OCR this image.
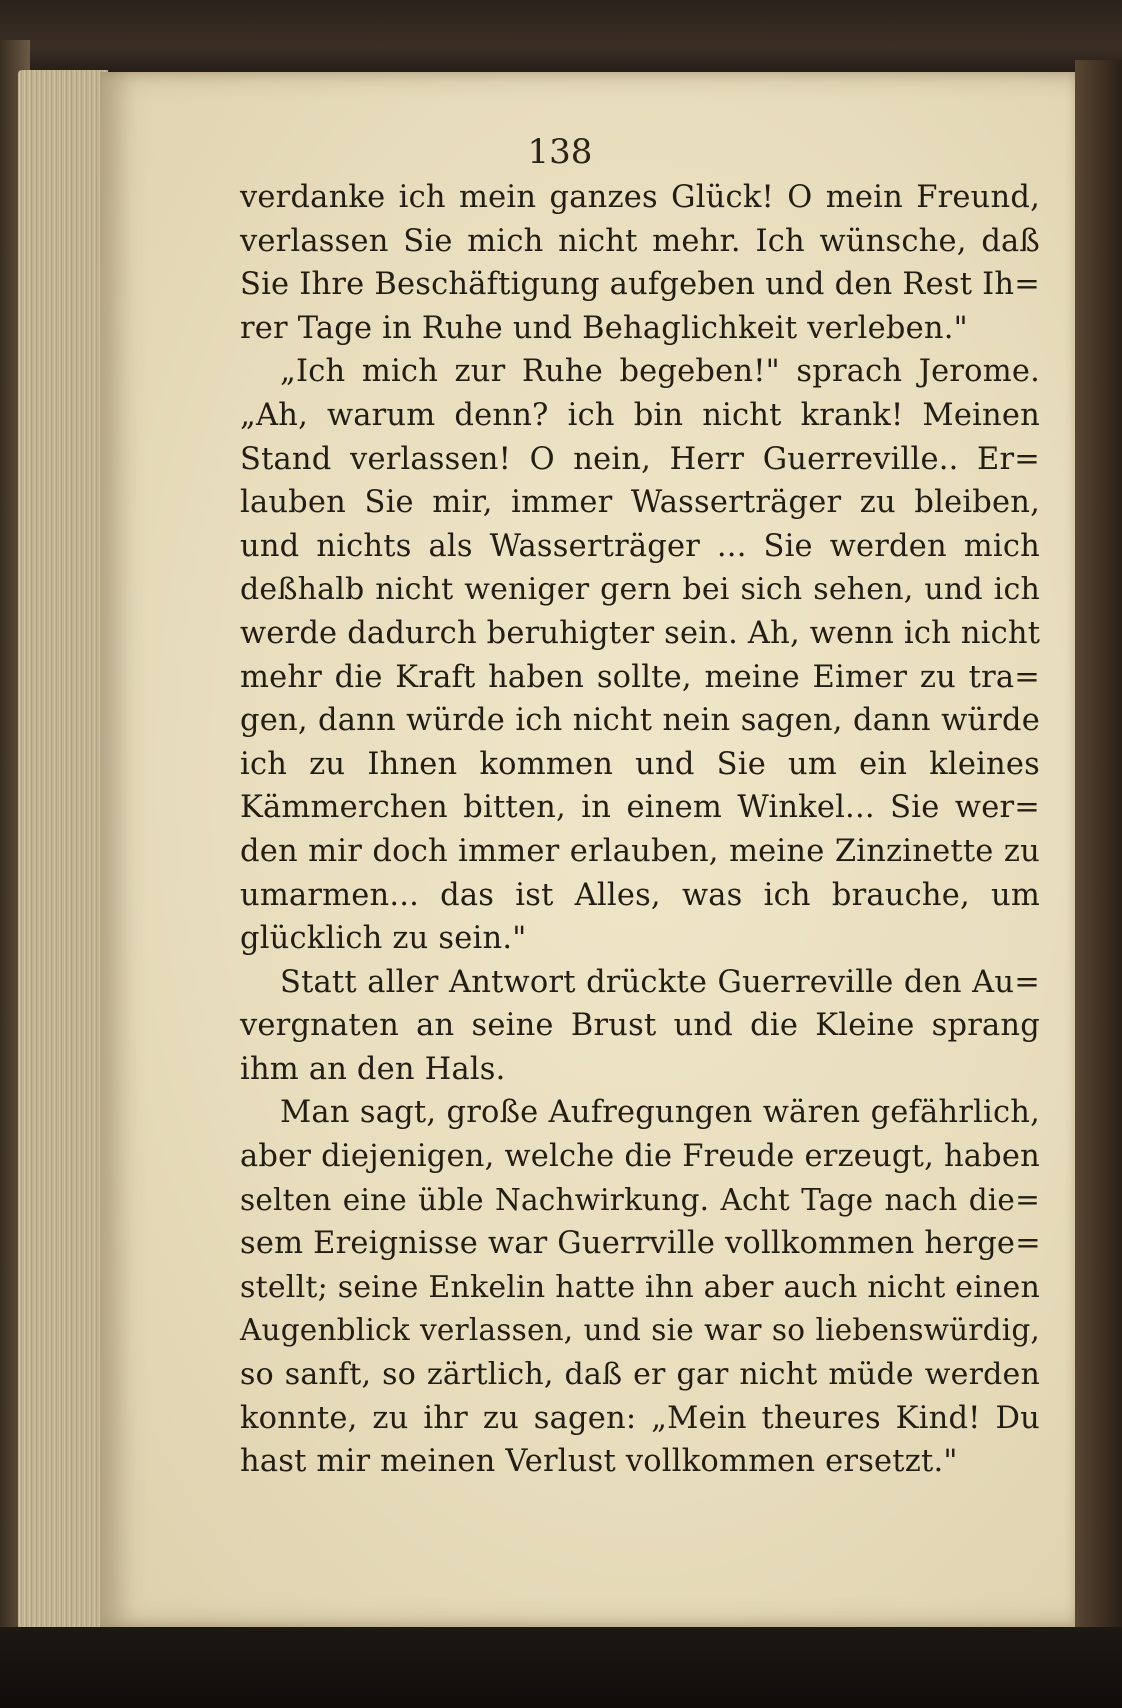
138
verdanke ich mein ganzes Glück! O mein Freund,
verlassen Sie mich nicht mehr. Ich wünsche, daß
Sie Ihre Beschäftigung aufgeben und den Rest Ih=
rer Tage in Ruhe und Behaglichkeit verleben."
„Ich mich zur Ruhe begeben!" sprach Jerome.
„Ah, warum denn? ich bin nicht krank! Meinen
Stand verlassen! O nein, Herr Guerreville.. Er=
lauben Sie mir, immer Wasserträger zu bleiben,
und nichts als Wasserträger ... Sie werden mich
deßhalb nicht weniger gern bei sich sehen, und ich
werde dadurch beruhigter sein. Ah, wenn ich nicht
mehr die Kraft haben sollte, meine Eimer zu tra=
gen, dann würde ich nicht nein sagen, dann würde
ich zu Ihnen kommen und Sie um ein kleines
Kämmerchen bitten, in einem Winkel... Sie wer=
den mir doch immer erlauben, meine Zinzinette zu
umarmen... das ist Alles, was ich brauche, um
glücklich zu sein."
Statt aller Antwort drückte Guerreville den Au=
vergnaten an seine Brust und die Kleine sprang
ihm an den Hals.
Man sagt, große Aufregungen wären gefährlich,
aber diejenigen, welche die Freude erzeugt, haben
selten eine üble Nachwirkung. Acht Tage nach die=
sem Ereignisse war Guerrville vollkommen herge=
stellt; seine Enkelin hatte ihn aber auch nicht einen
Augenblick verlassen, und sie war so liebenswürdig,
so sanft, so zärtlich, daß er gar nicht müde werden
konnte, zu ihr zu sagen: „Mein theures Kind! Du
hast mir meinen Verlust vollkommen ersetzt."
